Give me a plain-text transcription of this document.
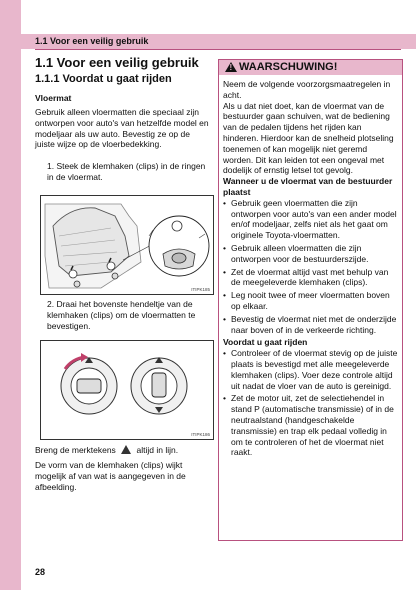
1.1 Voor een veilig gebruik
1.1 Voor een veilig gebruik
1.1.1 Voordat u gaat rijden
Vloermat
Gebruik alleen vloermatten die speciaal zijn ontworpen voor auto's van hetzelfde model en modeljaar als uw auto. Bevestig ze op de juiste wijze op de vloerbedekking.
1. Steek de klemhaken (clips) in de ringen in de vloermat.
ITIPK185
2. Draai het bovenste hendeltje van de klemhaken (clips) om de vloermatten te bevestigen.
ITIPK186
Breng de merktekens altijd in lijn.
De vorm van de klemhaken (clips) wijkt mogelijk af van wat is aangegeven in de afbeelding.
! WAARSCHUWING!

Neem de volgende voorzorgsmaatregelen in acht.

Als u dat niet doet, kan de vloermat van de bestuurder gaan schuiven, wat de bediening van de pedalen tijdens het rijden kan hinderen. Hierdoor kan de snelheid plotseling toenemen of kan mogelijk niet geremd worden. Dit kan leiden tot een ongeval met dodelijk of ernstig letsel tot gevolg.

Wanneer u de vloermat van de bestuurder plaatst

• Gebruik geen vloermatten die zijn ontworpen voor auto's van een ander model en/of modeljaar, zelfs niet als het gaat om originele Toyota-vloermatten.
• Gebruik alleen vloermatten die zijn ontworpen voor de bestuurderszijde.
• Zet de vloermat altijd vast met behulp van de meegeleverde klemhaken (clips).
• Leg nooit twee of meer vloermatten boven op elkaar.
• Bevestig de vloermat niet met de onderzijde naar boven of in de verkeerde richting.

Voordat u gaat rijden

• Controleer of de vloermat stevig op de juiste plaats is bevestigd met alle meegeleverde klemhaken (clips). Voer deze controle altijd uit nadat de vloer van de auto is gereinigd.
• Zet de motor uit, zet de selectiehendel in stand P (automatische transmissie) of in de neutraalstand (handgeschakelde transmissie) en trap elk pedaal volledig in om te controleren of het de vloermat niet raakt.
28
